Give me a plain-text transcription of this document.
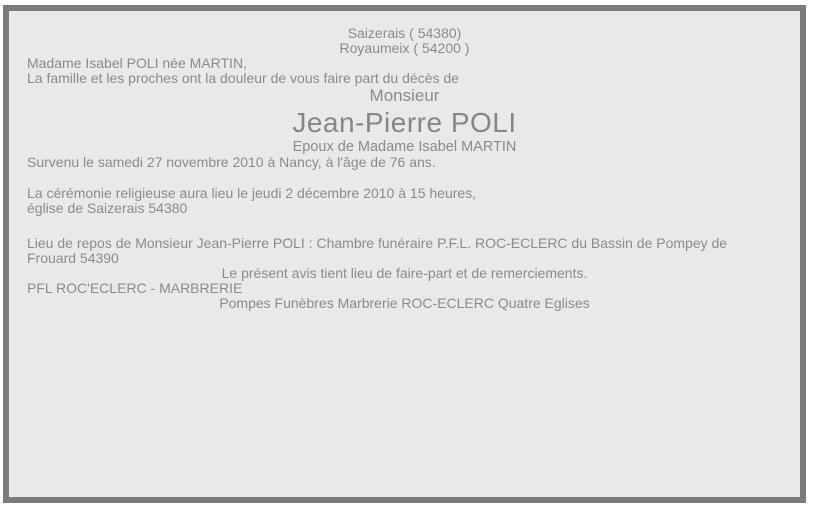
Saizerais ( 54380)

Royaumeix ( 54200 )

Madame Isabel POLI née MARTIN,

La famille et les proches ont la douleur de vous faire part du décès de

Monsieur

Jean-Pierre POLI

Epoux de Madame Isabel MARTIN

Survenu le samedi 27 novembre 2010 à Nancy, à l'âge de 76 ans.

La cérémonie religieuse aura lieu le jeudi 2 décembre 2010 à 15 heures,

église de Saizerais 54380

Lieu de repos de Monsieur Jean-Pierre POLI : Chambre funéraire P.F.L. ROC-ECLERC du Bassin de Pompey de

Frouard 54390

Le présent avis tient lieu de faire-part et de remerciements.

PFL ROC'ECLERC - MARBRERIE

Pompes Funèbres Marbrerie ROC-ECLERC Quatre Eglises
